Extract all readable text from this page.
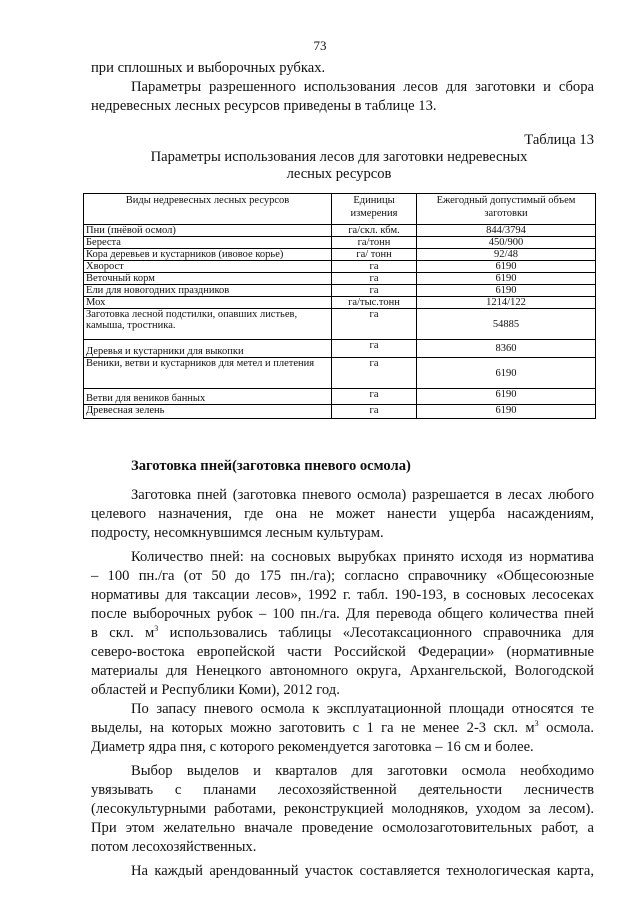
73
при сплошных и выборочных рубках.
Параметры разрешенного использования лесов для заготовки и сбора
недревесных лесных ресурсов приведены в таблице 13.
Таблица 13
Параметры использования лесов для заготовки недревесных
лесных ресурсов
Виды недревесных лесных ресурсов	Единицы измерения	Ежегодный допустимый объем заготовки
Пни (пнёвой осмол)	га/скл. кбм.	844/3794
Береста	га/тонн	450/900
Кора деревьев и кустарников (ивовое корье)	га/ тонн	92/48
Хворост	га	6190
Веточный корм	га	6190
Ели для новогодних праздников	га	6190
Мох	га/тыс.тонн	1214/122
Заготовка лесной подстилки, опавших листьев, камыша, тростника.	га	54885
Деревья и кустарники для выкопки	га	8360
Веники, ветви и кустарников для метел и плетения	га	6190
Ветви для веников банных	га	6190
Древесная зелень	га	6190
Заготовка пней(заготовка пневого осмола)
Заготовка пней (заготовка пневого осмола) разрешается в лесах любого
целевого назначения, где она не может нанести ущерба насаждениям,
подросту, несомкнувшимся лесным культурам.
Количество пней: на сосновых вырубках принято исходя из норматива
– 100 пн./га (от 50 до 175 пн./га); согласно справочнику «Общесоюзные
нормативы для таксации лесов», 1992 г. табл. 190-193, в сосновых лесосеках
после выборочных рубок – 100 пн./га. Для перевода общего количества пней
в скл. $м^3$ использовались таблицы «Лесотаксационного справочника для
северо-востока европейской части Российской Федерации» (нормативные
материалы для Ненецкого автономного округа, Архангельской, Вологодской
областей и Республики Коми), 2012 год.
По запасу пневого осмола к эксплуатационной площади относятся те
выделы, на которых можно заготовить с 1 га не менее 2-3 скл. $м^3$ осмола.
Диаметр ядра пня, с которого рекомендуется заготовка – 16 см и более.
Выбор выделов и кварталов для заготовки осмола необходимо
увязывать с планами лесохозяйственной деятельности лесничеств
(лесокультурными работами, реконструкцией молодняков, уходом за лесом).
При этом желательно вначале проведение осмолозаготовительных работ, а
потом лесохозяйственных.
На каждый арендованный участок составляется технологическая карта,
